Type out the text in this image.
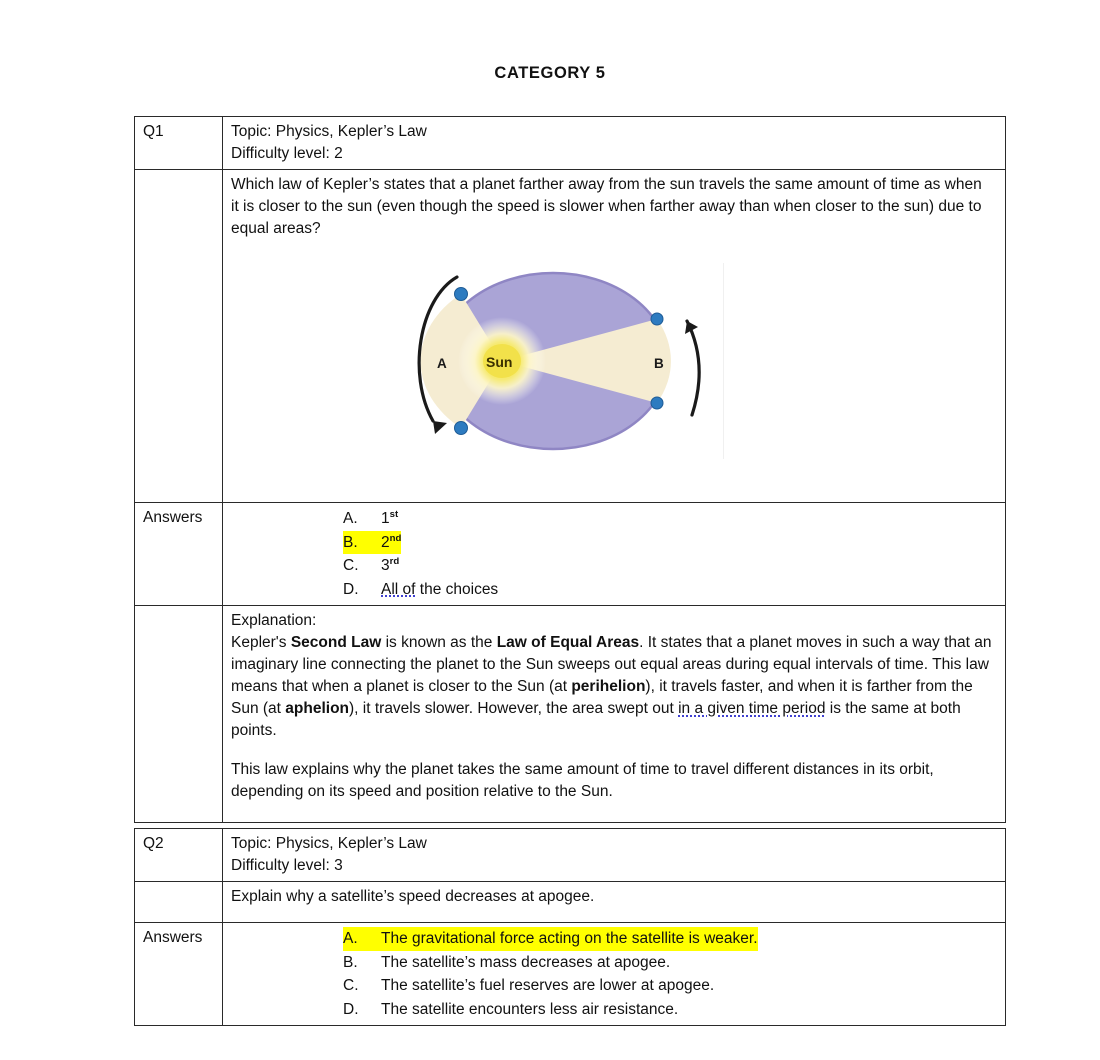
CATEGORY 5
Q1	Topic: Physics, Kepler’s Law
Difficulty level: 2

	Which law of Kepler’s states that a planet farther away from the sun travels the same amount of time as when it is closer to the sun (even though the speed is slower when farther away than when closer to the sun) due to equal areas?

A Sun B

Answers	A.	1st
B.	2nd
C.	3rd
D.	All of the choices

	Explanation:

Kepler's Second Law is known as the Law of Equal Areas. It states that a planet moves in such a way that an imaginary line connecting the planet to the Sun sweeps out equal areas during equal intervals of time. This law means that when a planet is closer to the Sun (at perihelion), it travels faster, and when it is farther from the Sun (at aphelion), it travels slower. However, the area swept out in a given time period is the same at both points.

This law explains why the planet takes the same amount of time to travel different distances in its orbit, depending on its speed and position relative to the Sun.

Q2	Topic: Physics, Kepler’s Law
Difficulty level: 3

	Explain why a satellite’s speed decreases at apogee.

Answers	A.	The gravitational force acting on the satellite is weaker.
B.	The satellite’s mass decreases at apogee.
C.	The satellite’s fuel reserves are lower at apogee.
D.	The satellite encounters less air resistance.
